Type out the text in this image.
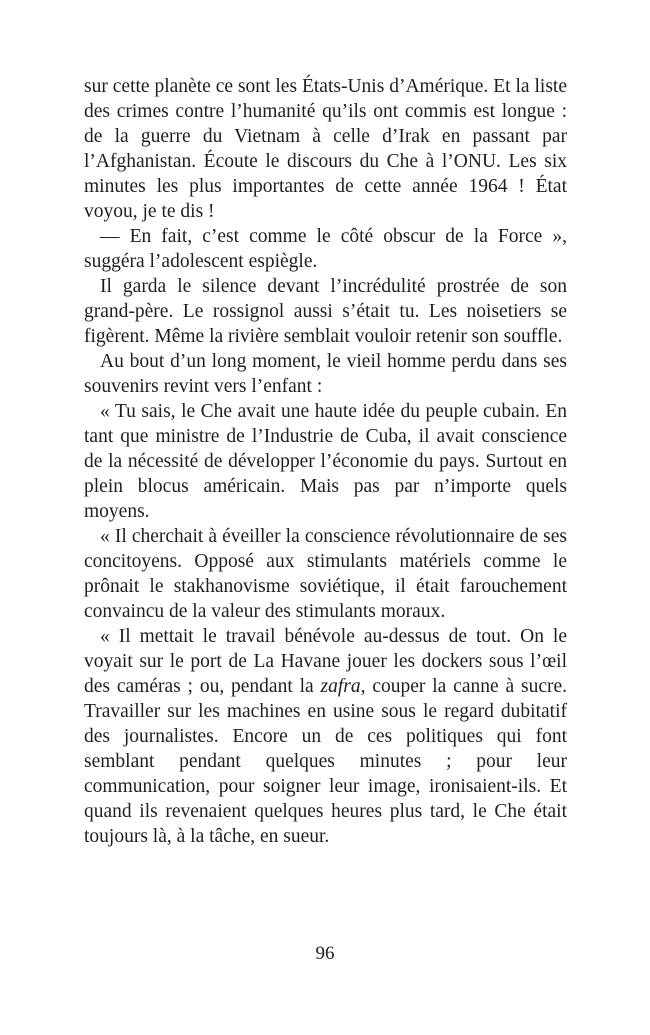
sur cette planète ce sont les États-Unis d’Amérique. Et la liste des crimes contre l’humanité qu’ils ont commis est longue : de la guerre du Vietnam à celle d’Irak en passant par l’Afghanistan. Écoute le discours du Che à l’ONU. Les six minutes les plus importantes de cette année 1964 ! État voyou, je te dis !

— En fait, c’est comme le côté obscur de la Force », suggéra l’adolescent espiègle.

Il garda le silence devant l’incrédulité prostrée de son grand-père. Le rossignol aussi s’était tu. Les noisetiers se figèrent. Même la rivière semblait vouloir retenir son souffle.

Au bout d’un long moment, le vieil homme perdu dans ses souvenirs revint vers l’enfant :

« Tu sais, le Che avait une haute idée du peuple cubain. En tant que ministre de l’Industrie de Cuba, il avait conscience de la nécessité de développer l’économie du pays. Surtout en plein blocus américain. Mais pas par n’importe quels moyens.

« Il cherchait à éveiller la conscience révolutionnaire de ses concitoyens. Opposé aux stimulants matériels comme le prônait le stakhanovisme soviétique, il était farouchement convaincu de la valeur des stimulants moraux.

« Il mettait le travail bénévole au-dessus de tout. On le voyait sur le port de La Havane jouer les dockers sous l’œil des caméras ; ou, pendant la zafra, couper la canne à sucre. Travailler sur les machines en usine sous le regard dubitatif des journalistes. Encore un de ces politiques qui font semblant pendant quelques minutes ; pour leur communication, pour soigner leur image, ironisaient-ils. Et quand ils revenaient quelques heures plus tard, le Che était toujours là, à la tâche, en sueur.

96
